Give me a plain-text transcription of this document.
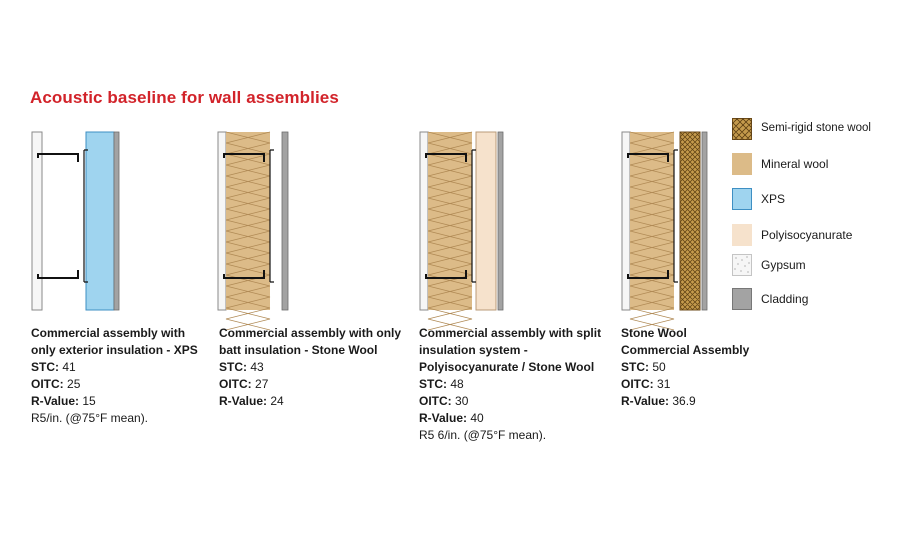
Acoustic baseline for wall assemblies
Commercial assembly with
only exterior insulation - XPS
STC: 41
OITC: 25
R-Value: 15
R5/in. (@75°F mean).
Commercial assembly with only
batt insulation - Stone Wool
STC: 43
OITC: 27
R-Value: 24
Commercial assembly with split
insulation system -
Polyisocyanurate / Stone Wool
STC: 48
OITC: 30
R-Value: 40
R5 6/in. (@75°F mean).
Stone Wool
Commercial Assembly
STC: 50
OITC: 31
R-Value: 36.9
Semi-rigid stone wool
Mineral wool
XPS
Polyisocyanurate
Gypsum
Cladding
